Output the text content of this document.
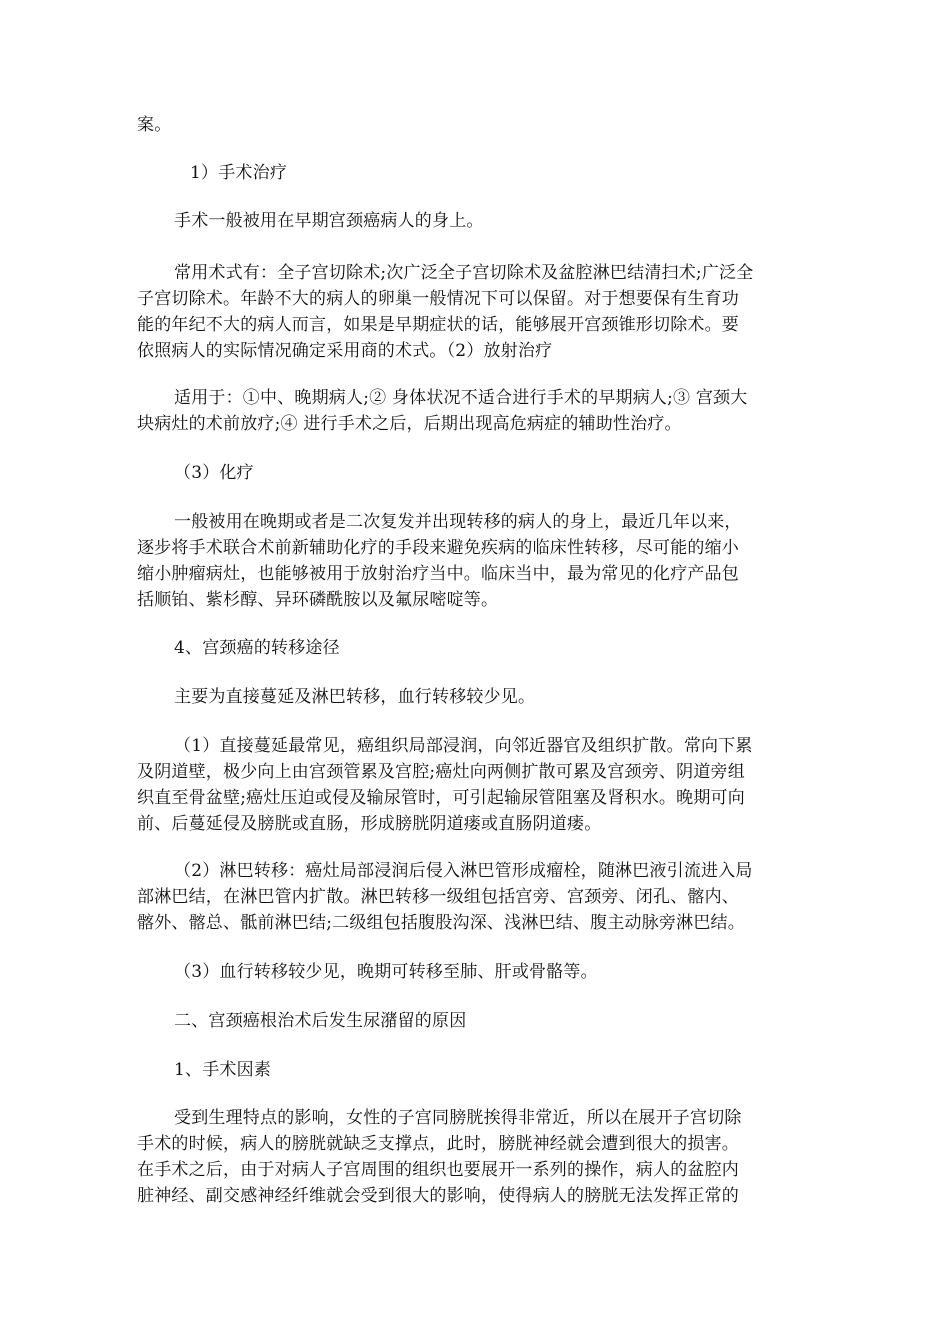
案。
1）手术治疗
手术一般被用在早期宫颈癌病人的身上。
常用术式有：全子宫切除术;次广泛全子宫切除术及盆腔淋巴结清扫术;广泛全
子宫切除术。年龄不大的病人的卵巢一般情况下可以保留。对于想要保有生育功
能的年纪不大的病人而言，如果是早期症状的话，能够展开宫颈锥形切除术。要
依照病人的实际情况确定采用商的术式。（2）放射治疗
适用于：①中、晚期病人;② 身体状况不适合进行手术的早期病人;③ 宫颈大
块病灶的术前放疗;④ 进行手术之后，后期出现高危病症的辅助性治疗。
（3）化疗
一般被用在晚期或者是二次复发并出现转移的病人的身上，最近几年以来，
逐步将手术联合术前新辅助化疗的手段来避免疾病的临床性转移，尽可能的缩小
缩小肿瘤病灶，也能够被用于放射治疗当中。临床当中，最为常见的化疗产品包
括顺铂、紫杉醇、异环磷酰胺以及氟尿嘧啶等。
4、宫颈癌的转移途径
主要为直接蔓延及淋巴转移，血行转移较少见。
（1）直接蔓延最常见，癌组织局部浸润，向邻近器官及组织扩散。常向下累
及阴道壁，极少向上由宫颈管累及宫腔;癌灶向两侧扩散可累及宫颈旁、阴道旁组
织直至骨盆壁;癌灶压迫或侵及输尿管时，可引起输尿管阻塞及肾积水。晚期可向
前、后蔓延侵及膀胱或直肠，形成膀胱阴道瘘或直肠阴道瘘。
（2）淋巴转移：癌灶局部浸润后侵入淋巴管形成瘤栓，随淋巴液引流进入局
部淋巴结，在淋巴管内扩散。淋巴转移一级组包括宫旁、宫颈旁、闭孔、髂内、
髂外、髂总、骶前淋巴结;二级组包括腹股沟深、浅淋巴结、腹主动脉旁淋巴结。
（3）血行转移较少见，晚期可转移至肺、肝或骨骼等。
二、宫颈癌根治术后发生尿潴留的原因
1、手术因素
受到生理特点的影响，女性的子宫同膀胱挨得非常近，所以在展开子宫切除
手术的时候，病人的膀胱就缺乏支撑点，此时，膀胱神经就会遭到很大的损害。
在手术之后，由于对病人子宫周围的组织也要展开一系列的操作，病人的盆腔内
脏神经、副交感神经纤维就会受到很大的影响，使得病人的膀胱无法发挥正常的
